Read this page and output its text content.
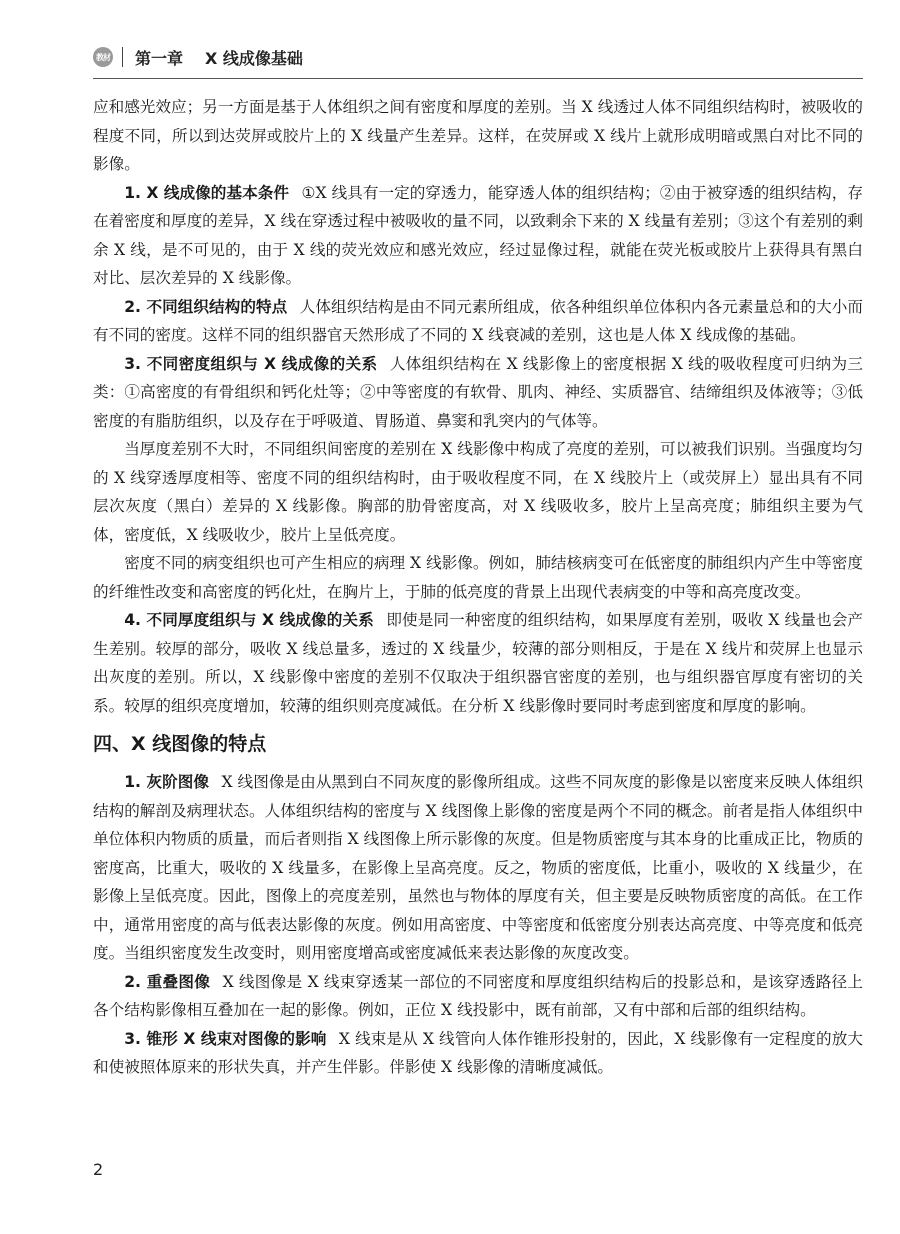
教材 第一章 X 线成像基础

应和感光效应；另一方面是基于人体组织之间有密度和厚度的差别。当 X 线透过人体不同组织结构时，被吸收的程度不同，所以到达荧屏或胶片上的 X 线量产生差异。这样，在荧屏或 X 线片上就形成明暗或黑白对比不同的影像。

1. X 线成像的基本条件 ①X 线具有一定的穿透力，能穿透人体的组织结构；②由于被穿透的组织结构，存在着密度和厚度的差异，X 线在穿透过程中被吸收的量不同，以致剩余下来的 X 线量有差别；③这个有差别的剩余 X 线，是不可见的，由于 X 线的荧光效应和感光效应，经过显像过程，就能在荧光板或胶片上获得具有黑白对比、层次差异的 X 线影像。

2. 不同组织结构的特点 人体组织结构是由不同元素所组成，依各种组织单位体积内各元素量总和的大小而有不同的密度。这样不同的组织器官天然形成了不同的 X 线衰减的差别，这也是人体 X 线成像的基础。

3. 不同密度组织与 X 线成像的关系 人体组织结构在 X 线影像上的密度根据 X 线的吸收程度可归纳为三类：①高密度的有骨组织和钙化灶等；②中等密度的有软骨、肌肉、神经、实质器官、结缔组织及体液等；③低密度的有脂肪组织，以及存在于呼吸道、胃肠道、鼻窦和乳突内的气体等。

当厚度差别不大时，不同组织间密度的差别在 X 线影像中构成了亮度的差别，可以被我们识别。当强度均匀的 X 线穿透厚度相等、密度不同的组织结构时，由于吸收程度不同，在 X 线胶片上（或荧屏上）显出具有不同层次灰度（黑白）差异的 X 线影像。胸部的肋骨密度高，对 X 线吸收多，胶片上呈高亮度；肺组织主要为气体，密度低，X 线吸收少，胶片上呈低亮度。

密度不同的病变组织也可产生相应的病理 X 线影像。例如，肺结核病变可在低密度的肺组织内产生中等密度的纤维性改变和高密度的钙化灶，在胸片上，于肺的低亮度的背景上出现代表病变的中等和高亮度改变。

4. 不同厚度组织与 X 线成像的关系 即使是同一种密度的组织结构，如果厚度有差别，吸收 X 线量也会产生差别。较厚的部分，吸收 X 线总量多，透过的 X 线量少，较薄的部分则相反，于是在 X 线片和荧屏上也显示出灰度的差别。所以，X 线影像中密度的差别不仅取决于组织器官密度的差别，也与组织器官厚度有密切的关系。较厚的组织亮度增加，较薄的组织则亮度减低。在分析 X 线影像时要同时考虑到密度和厚度的影响。

四、X 线图像的特点

1. 灰阶图像 X 线图像是由从黑到白不同灰度的影像所组成。这些不同灰度的影像是以密度来反映人体组织结构的解剖及病理状态。人体组织结构的密度与 X 线图像上影像的密度是两个不同的概念。前者是指人体组织中单位体积内物质的质量，而后者则指 X 线图像上所示影像的灰度。但是物质密度与其本身的比重成正比，物质的密度高，比重大，吸收的 X 线量多，在影像上呈高亮度。反之，物质的密度低，比重小，吸收的 X 线量少，在影像上呈低亮度。因此，图像上的亮度差别，虽然也与物体的厚度有关，但主要是反映物质密度的高低。在工作中，通常用密度的高与低表达影像的灰度。例如用高密度、中等密度和低密度分别表达高亮度、中等亮度和低亮度。当组织密度发生改变时，则用密度增高或密度减低来表达影像的灰度改变。

2. 重叠图像 X 线图像是 X 线束穿透某一部位的不同密度和厚度组织结构后的投影总和，是该穿透路径上各个结构影像相互叠加在一起的影像。例如，正位 X 线投影中，既有前部，又有中部和后部的组织结构。

3. 锥形 X 线束对图像的影响 X 线束是从 X 线管向人体作锥形投射的，因此，X 线影像有一定程度的放大和使被照体原来的形状失真，并产生伴影。伴影使 X 线影像的清晰度减低。

2
